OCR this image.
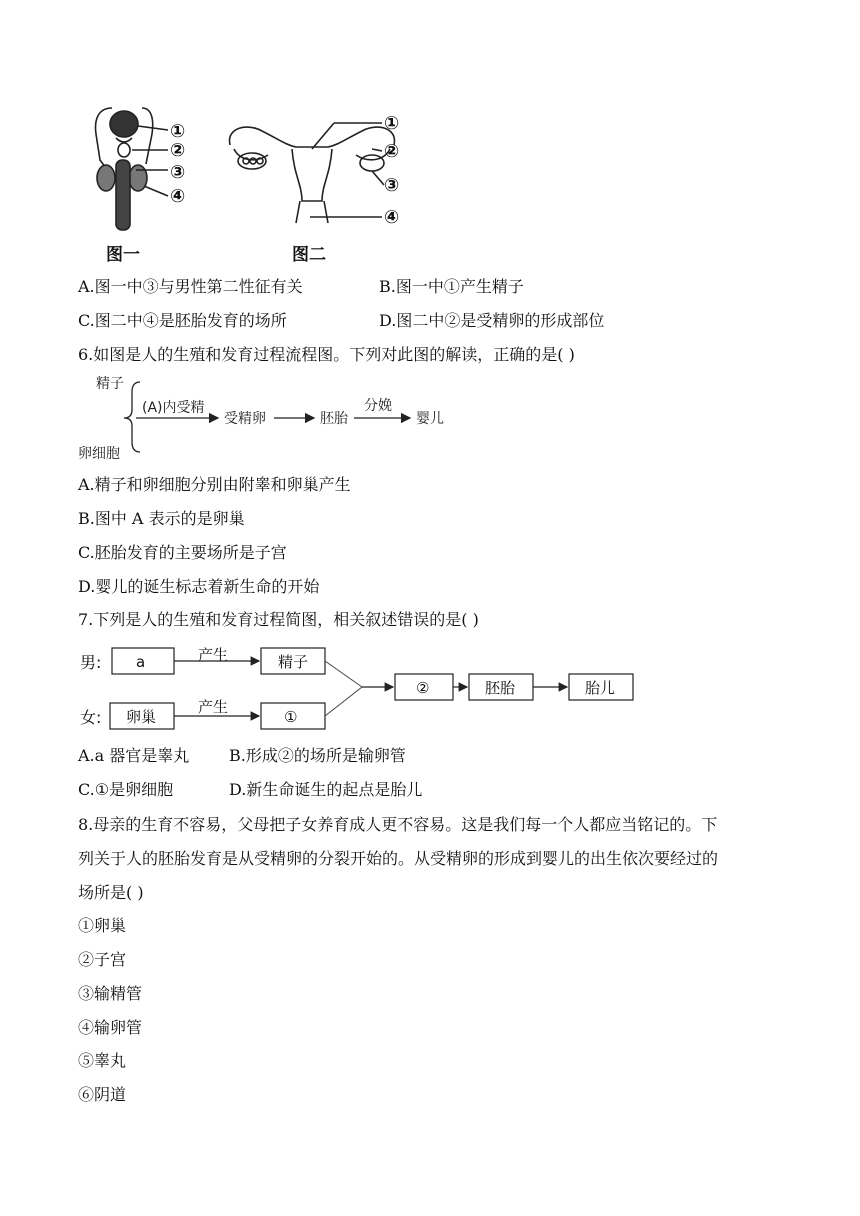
①
②
③
④
图一
①
②
③
④
图二
A.图一中③与男性第二性征有关	B.图一中①产生精子
C.图二中④是胚胎发育的场所	D.图二中②是受精卵的形成部位
6.如图是人的生殖和发育过程流程图。下列对此图的解读，正确的是( )
精子
卵细胞
(A)内受精
受精卵	胚胎
分娩
婴儿
A.精子和卵细胞分别由附睾和卵巢产生
B.图中 A 表示的是卵巢
C.胚胎发育的主要场所是子宫
D.婴儿的诞生标志着新生命的开始
7.下列是人的生殖和发育过程简图，相关叙述错误的是( )
男:
女:
a	产生	精子
卵巢
产生
①
②	胚胎	胎儿
A.a 器官是睾丸 B.形成②的场所是输卵管
C.①是卵细胞	D.新生命诞生的起点是胎儿
8.母亲的生育不容易，父母把子女养育成人更不容易。这是我们每一个人都应当铭记的。下
列关于人的胚胎发育是从受精卵的分裂开始的。从受精卵的形成到婴儿的出生依次要经过的
场所是( )
①卵巢
②子宫
③输精管
④输卵管
⑤睾丸
⑥阴道
